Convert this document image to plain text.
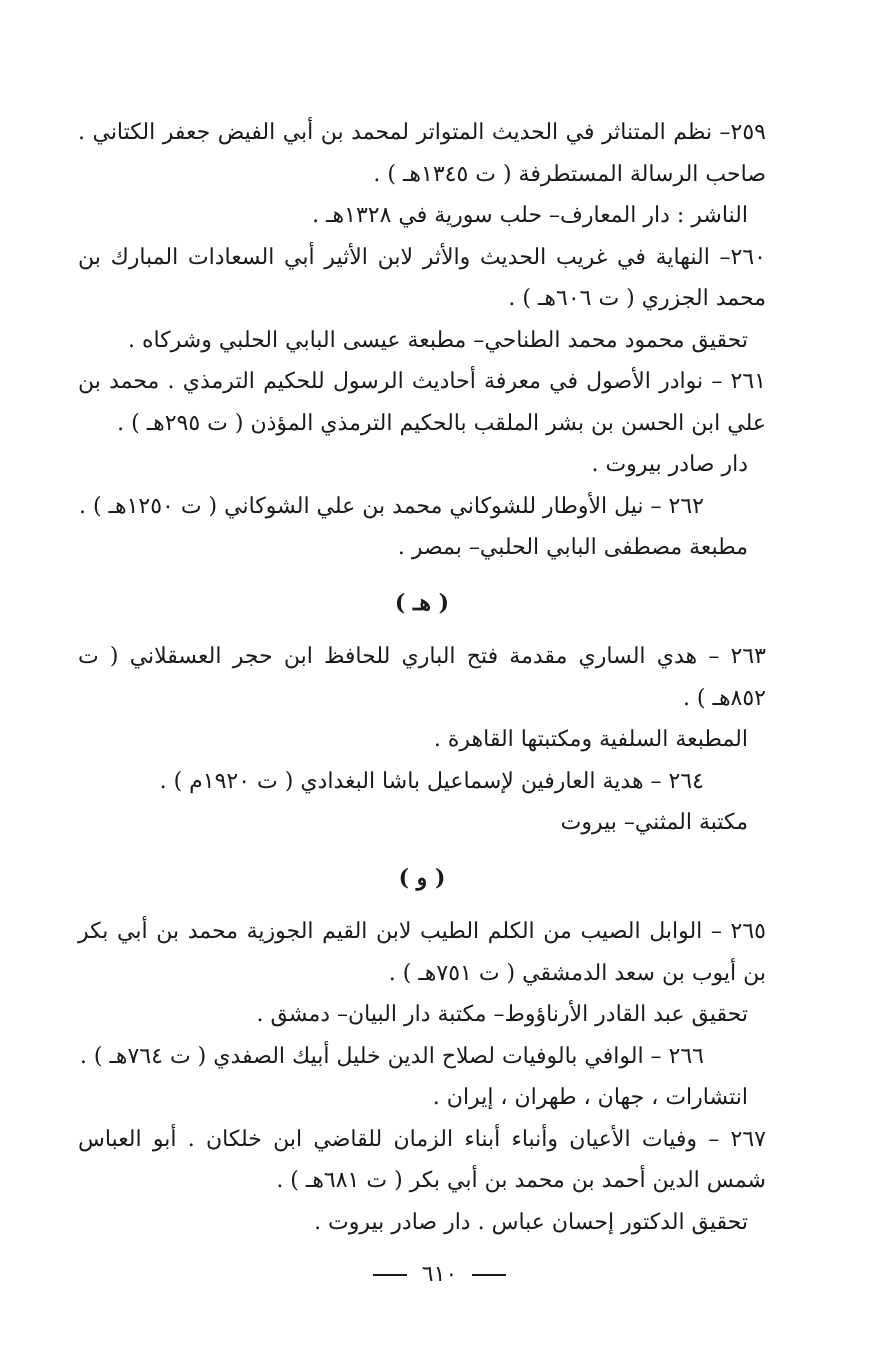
٢٥٩– نظم المتناثر في الحديث المتواتر لمحمد بن أبي الفيض جعفر الكتاني . صاحب الرسالة المستطرفة ( ت ١٣٤٥هـ ) .

الناشر : دار المعارف– حلب سورية في ١٣٢٨هـ .

٢٦٠– النهاية في غريب الحديث والأثر لابن الأثير أبي السعادات المبارك بن محمد الجزري ( ت ٦٠٦هـ ) .

تحقيق محمود محمد الطناحي– مطبعة عيسى البابي الحلبي وشركاه .

٢٦١ – نوادر الأصول في معرفة أحاديث الرسول للحكيم الترمذي . محمد بن علي ابن الحسن بن بشر الملقب بالحكيم الترمذي المؤذن ( ت ٢٩٥هـ ) .

دار صادر بيروت .

٢٦٢ – نيل الأوطار للشوكاني محمد بن علي الشوكاني ( ت ١٢٥٠هـ ) .

مطبعة مصطفى البابي الحلبي– بمصر .

( هـ )

٢٦٣ – هدي الساري مقدمة فتح الباري للحافظ ابن حجر العسقلاني ( ت ٨٥٢هـ ) .

المطبعة السلفية ومكتبتها القاهرة .

٢٦٤ – هدية العارفين لإسماعيل باشا البغدادي ( ت ١٩٢٠م ) .

مكتبة المثني– بيروت

( و )

٢٦٥ – الوابل الصيب من الكلم الطيب لابن القيم الجوزية محمد بن أبي بكر بن أيوب بن سعد الدمشقي ( ت ٧٥١هـ ) .

تحقيق عبد القادر الأرناؤوط– مكتبة دار البيان– دمشق .

٢٦٦ – الوافي بالوفيات لصلاح الدين خليل أبيك الصفدي ( ت ٧٦٤هـ ) .

انتشارات ، جهان ، طهران ، إيران .

٢٦٧ – وفيات الأعيان وأنباء أبناء الزمان للقاضي ابن خلكان . أبو العباس شمس الدين أحمد بن محمد بن أبي بكر ( ت ٦٨١هـ ) .

تحقيق الدكتور إحسان عباس . دار صادر بيروت .

٦١٠
